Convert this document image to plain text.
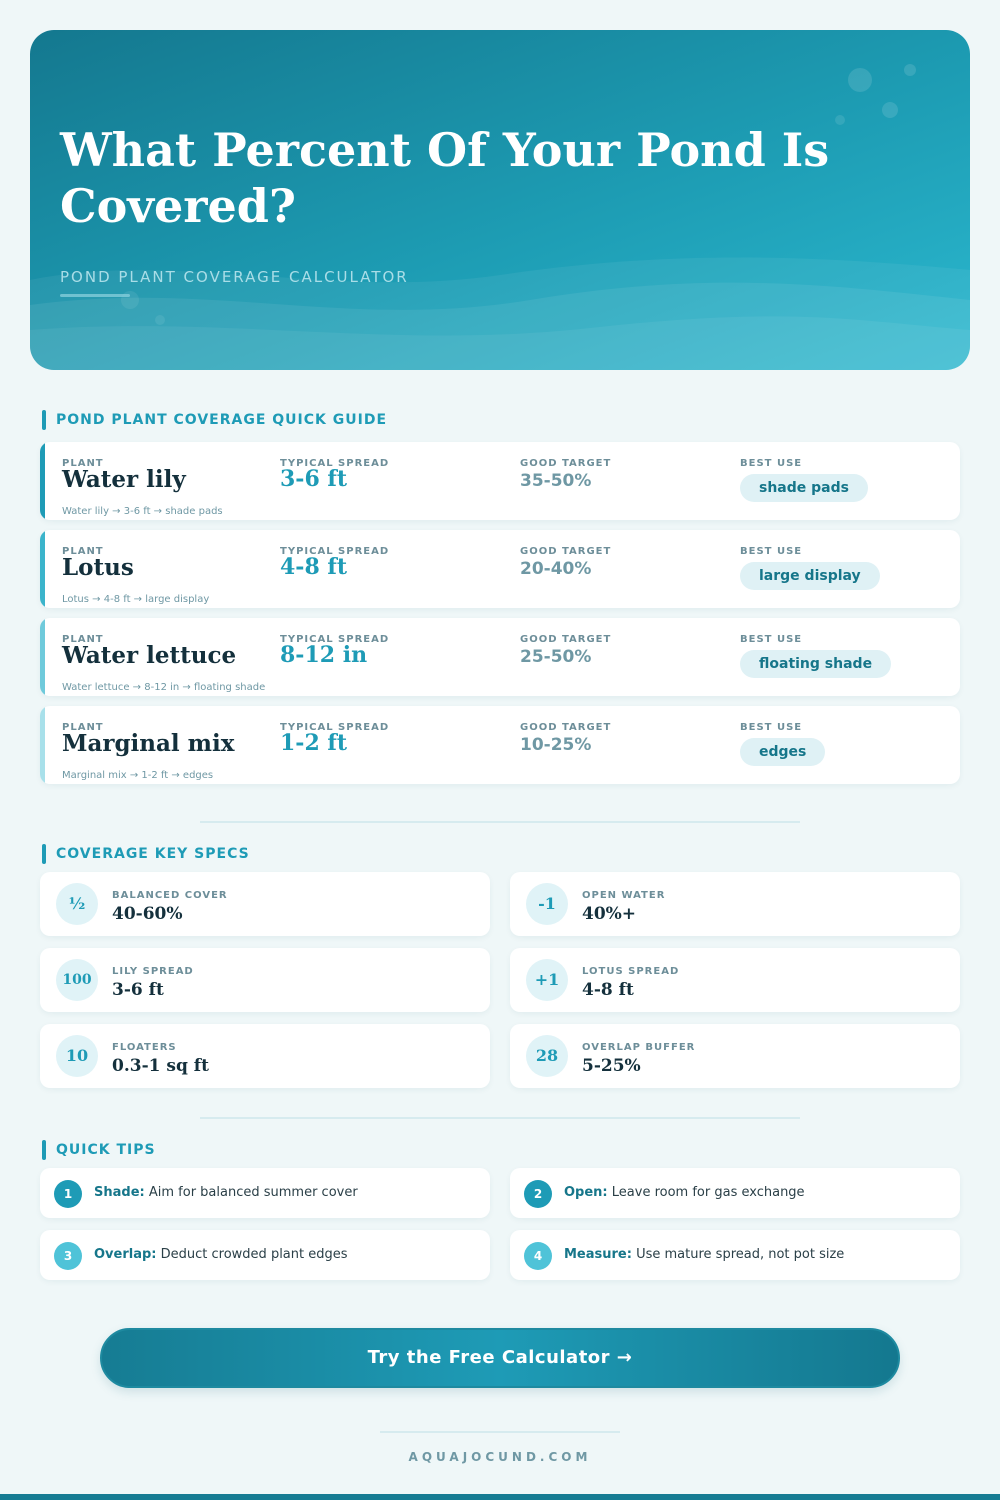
What Percent Of Your Pond Is Covered?
POND PLANT COVERAGE CALCULATOR
POND PLANT COVERAGE QUICK GUIDE
PLANT	TYPICAL SPREAD	GOOD TARGET	BEST USE
Water lily	3-6 ft	35-50%	shade pads
Water lily → 3-6 ft → shade pads
PLANT	TYPICAL SPREAD	GOOD TARGET	BEST USE
Lotus	4-8 ft	20-40%	large display
Lotus → 4-8 ft → large display
PLANT	TYPICAL SPREAD	GOOD TARGET	BEST USE
Water lettuce 8-12 in	25-50%	floating shade
Water lettuce → 8-12 in → floating shade
PLANT	TYPICAL SPREAD	GOOD TARGET	BEST USE
Marginal mix 1-2 ft	10-25%	edges
Marginal mix → 1-2 ft → edges
COVERAGE KEY SPECS
½	BALANCED COVER
40-60%
-1	OPEN WATER
40%+
100
LILY SPREAD
3-6 ft
+1	LOTUS SPREAD
4-8 ft
10	FLOATERS
0.3-1 sq ft
28	OVERLAP BUFFER
5-25%
QUICK TIPS
1	Shade: Aim for balanced summer cover	2	Open: Leave room for gas exchange
3	Overlap: Deduct crowded plant edges	4	Measure: Use mature spread, not pot size
Try the Free Calculator →
AQUAJOCUND.COM
